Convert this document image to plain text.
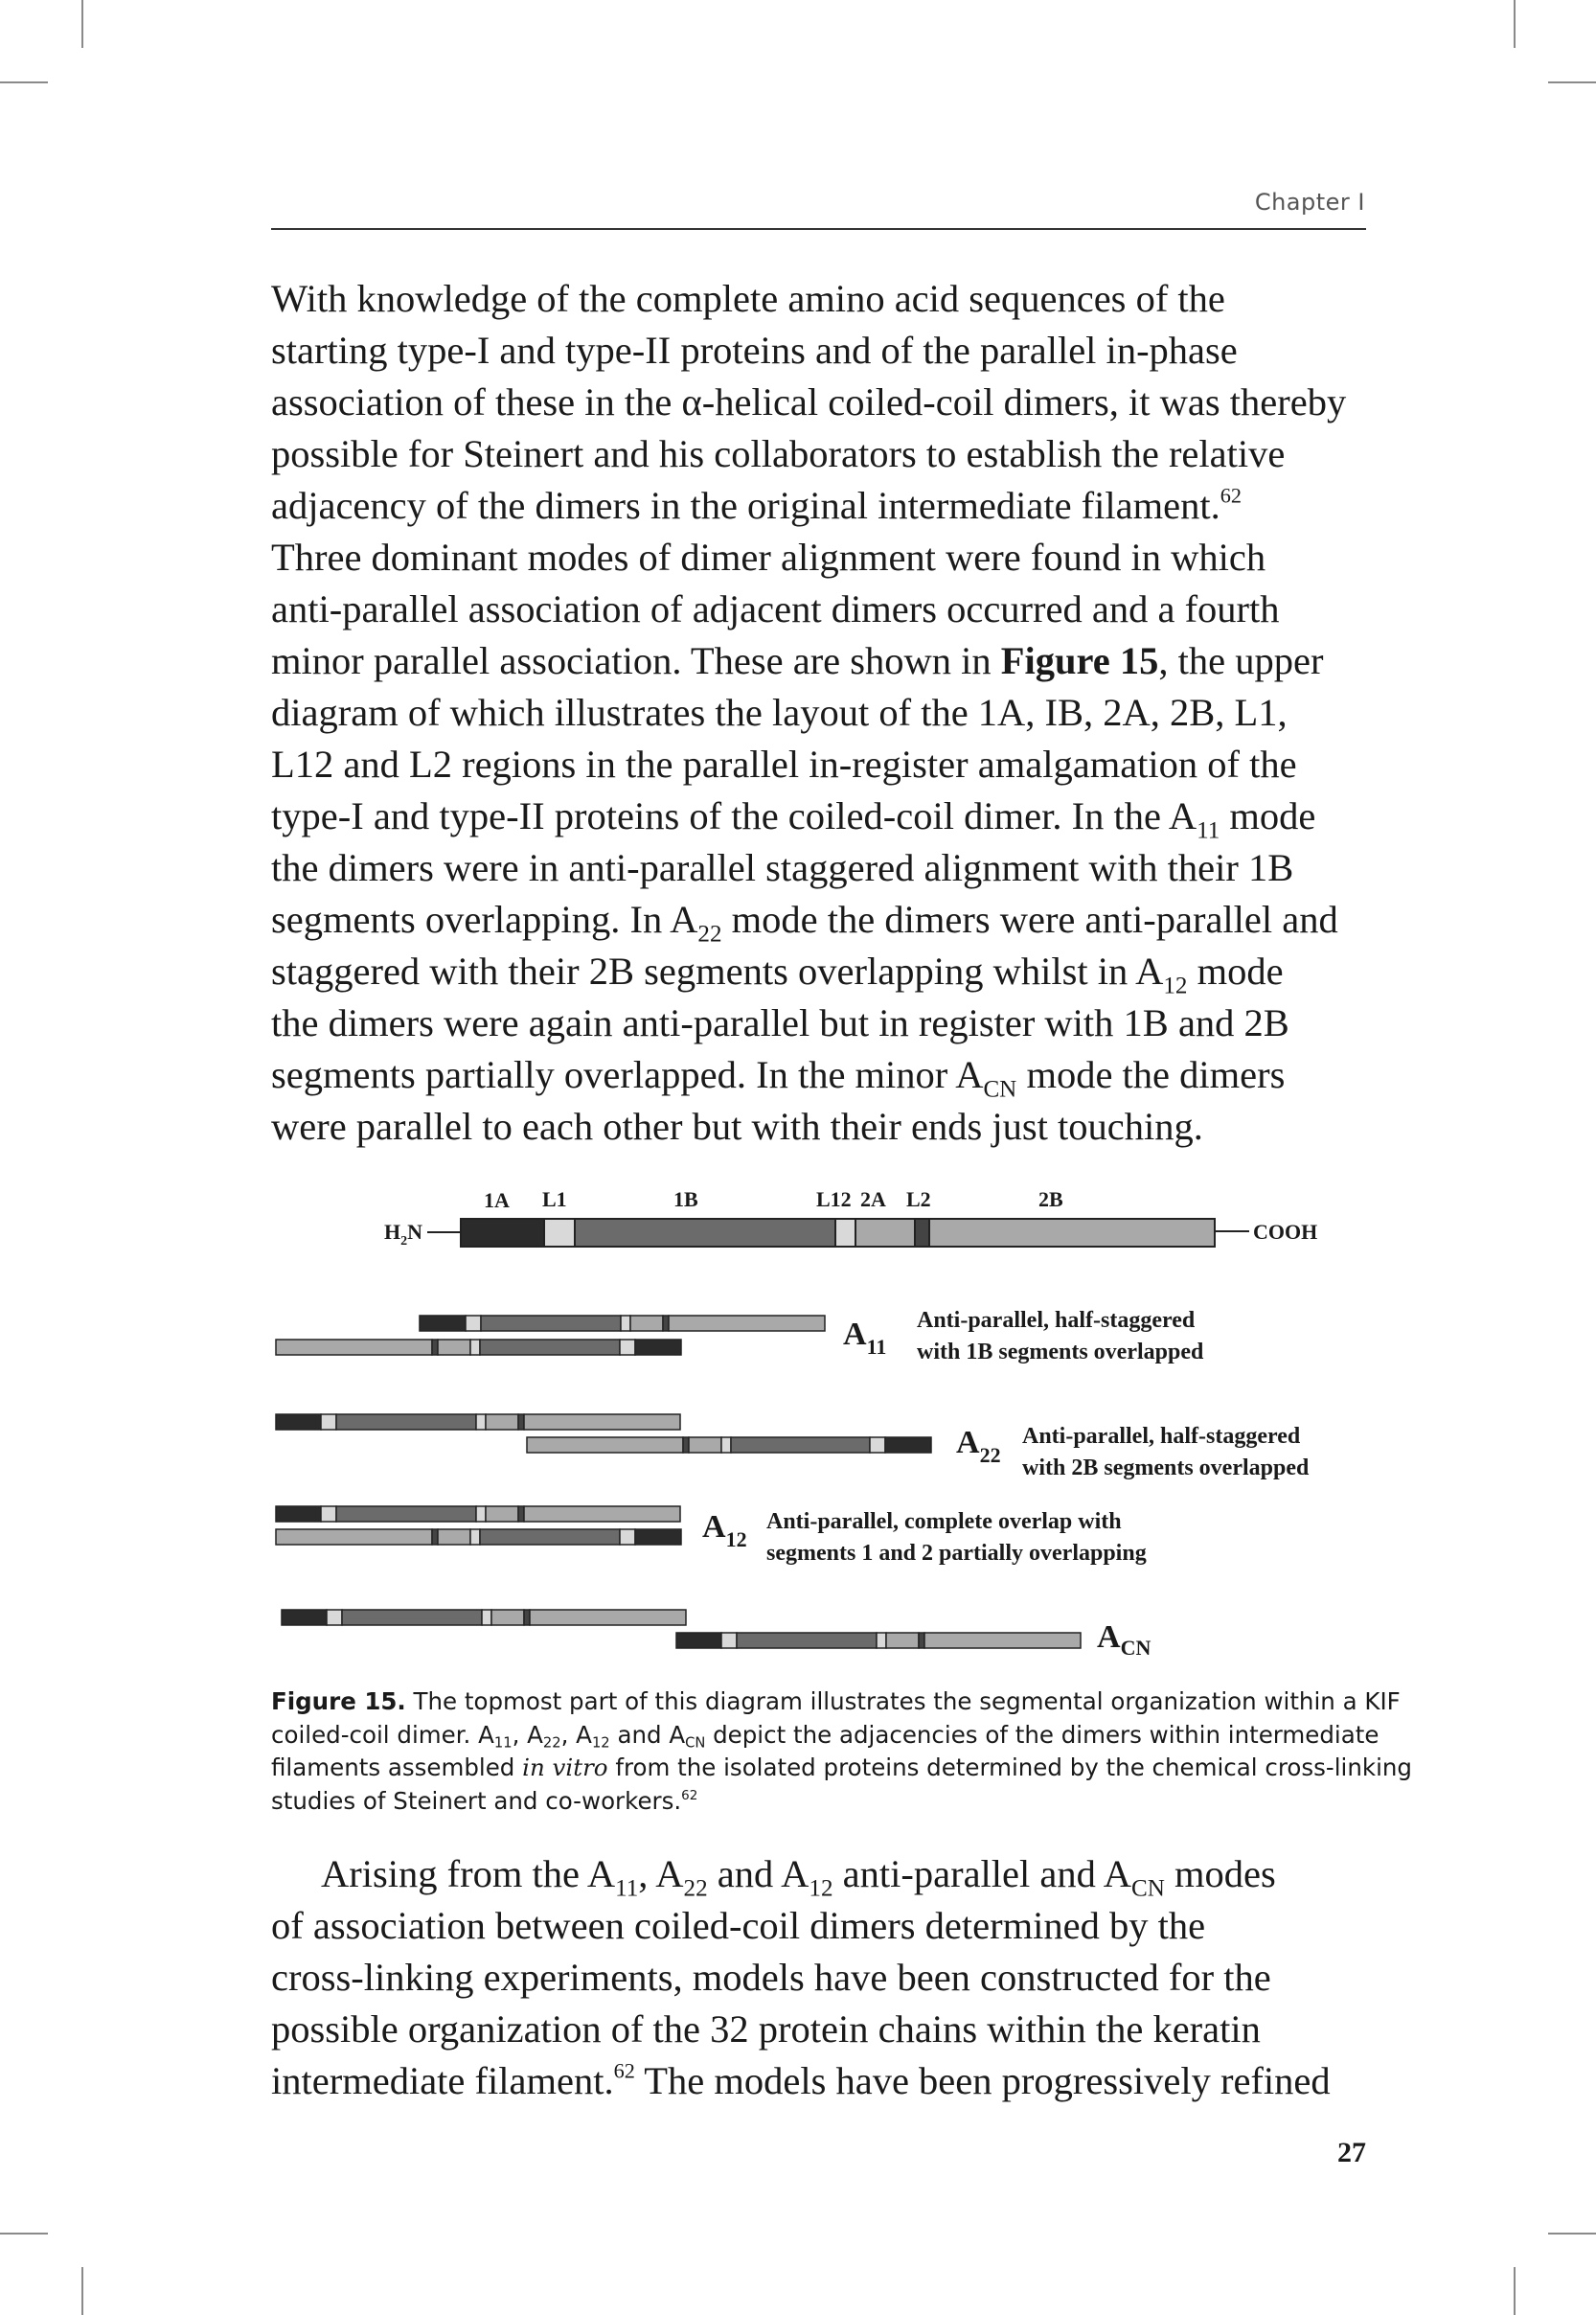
Chapter I
With knowledge of the complete amino acid sequences of the
starting type-I and type-II proteins and of the parallel in-phase
association of these in the α-helical coiled-coil dimers, it was thereby
possible for Steinert and his collaborators to establish the relative
adjacency of the dimers in the original intermediate filament.$^{62}$
Three dominant modes of dimer alignment were found in which
anti-parallel association of adjacent dimers occurred and a fourth
minor parallel association. These are shown in Figure 15, the upper
diagram of which illustrates the layout of the 1A, IB, 2A, 2B, L1,
L12 and L2 regions in the parallel in-register amalgamation of the
type-I and type-II proteins of the coiled-coil dimer. In the $A_{11}$ mode
the dimers were in anti-parallel staggered alignment with their 1B
segments overlapping. In $A_{22}$ mode the dimers were anti-parallel and
staggered with their 2B segments overlapping whilst in $A_{12}$ mode
the dimers were again anti-parallel but in register with 1B and 2B
segments partially overlapped. In the minor $A_{CN}$ mode the dimers
were parallel to each other but with their ends just touching.
1A L1	1B	L12 2A L2	2B
$H_2N$	COOH
$A_{11}$
Anti-parallel, half-staggered
with 1B segments overlapped
$A_{22}$
Anti-parallel, half-staggered
with 2B segments overlapped
$A_{12}$
Anti-parallel, complete overlap with
segments 1 and 2 partially overlapping
$A_{CN}$
Figure 15. The topmost part of this diagram illustrates the segmental organization within a KIF
coiled-coil dimer. $A_{11}$, $A_{22}$, $A_{12}$ and $A_{CN}$ depict the adjacencies of the dimers within intermediate
filaments assembled in vitro from the isolated proteins determined by the chemical cross-linking
studies of Steinert and co-workers.$^{62}$
Arising from the $A_{11}$, $A_{22}$ and $A_{12}$ anti-parallel and $A_{CN}$ modes
of association between coiled-coil dimers determined by the
cross-linking experiments, models have been constructed for the
possible organization of the 32 protein chains within the keratin
intermediate filament.$^{62}$ The models have been progressively refined
27
